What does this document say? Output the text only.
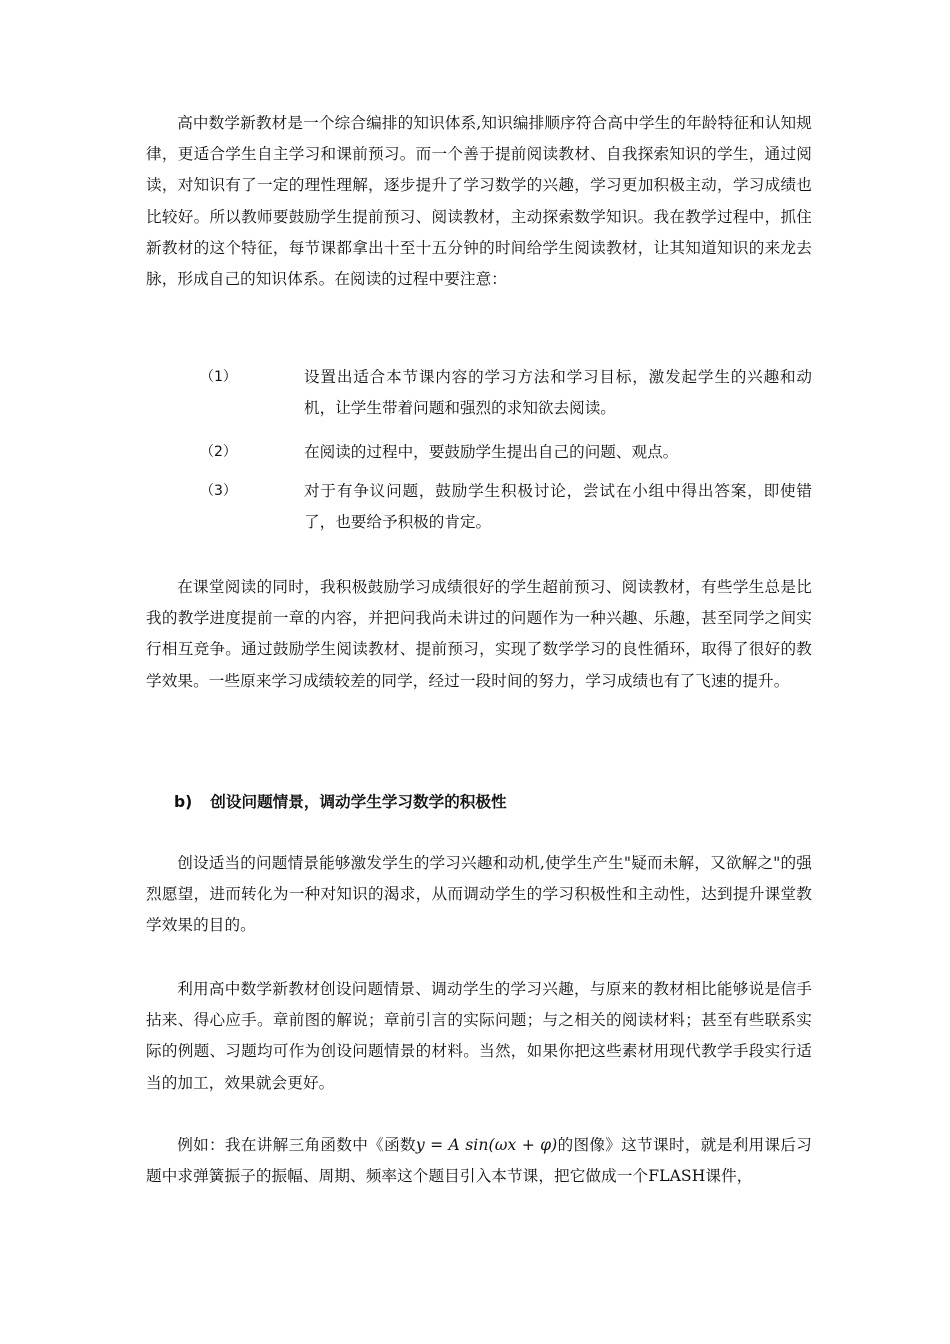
高中数学新教材是一个综合编排的知识体系,知识编排顺序符合高中学生的年龄特征和认知规律，更适合学生自主学习和课前预习。而一个善于提前阅读教材、自我探索知识的学生，通过阅读，对知识有了一定的理性理解，逐步提升了学习数学的兴趣，学习更加积极主动，学习成绩也比较好。所以教师要鼓励学生提前预习、阅读教材，主动探索数学知识。我在教学过程中，抓住新教材的这个特征，每节课都拿出十至十五分钟的时间给学生阅读教材，让其知道知识的来龙去脉，形成自己的知识体系。在阅读的过程中要注意：

（1）	设置出适合本节课内容的学习方法和学习目标，激发起学生的兴趣和动机，让学生带着问题和强烈的求知欲去阅读。
（2）	在阅读的过程中，要鼓励学生提出自己的问题、观点。
（3）	对于有争议问题，鼓励学生积极讨论，尝试在小组中得出答案，即使错了，也要给予积极的肯定。

在课堂阅读的同时，我积极鼓励学习成绩很好的学生超前预习、阅读教材，有些学生总是比我的教学进度提前一章的内容，并把问我尚未讲过的问题作为一种兴趣、乐趣，甚至同学之间实行相互竞争。通过鼓励学生阅读教材、提前预习，实现了数学学习的良性循环，取得了很好的教学效果。一些原来学习成绩较差的同学，经过一段时间的努力，学习成绩也有了飞速的提升。

b) 创设问题情景，调动学生学习数学的积极性

创设适当的问题情景能够激发学生的学习兴趣和动机,使学生产生"疑而未解，又欲解之"的强烈愿望，进而转化为一种对知识的渴求，从而调动学生的学习积极性和主动性，达到提升课堂教学效果的目的。

利用高中数学新教材创设问题情景、调动学生的学习兴趣，与原来的教材相比能够说是信手拈来、得心应手。章前图的解说；章前引言的实际问题；与之相关的阅读材料；甚至有些联系实际的例题、习题均可作为创设问题情景的材料。当然，如果你把这些素材用现代教学手段实行适当的加工，效果就会更好。

例如：我在讲解三角函数中《函数y = A sin(ωx + φ)的图像》这节课时，就是利用课后习题中求弹簧振子的振幅、周期、频率这个题目引入本节课，把它做成一个FLASH课件，
